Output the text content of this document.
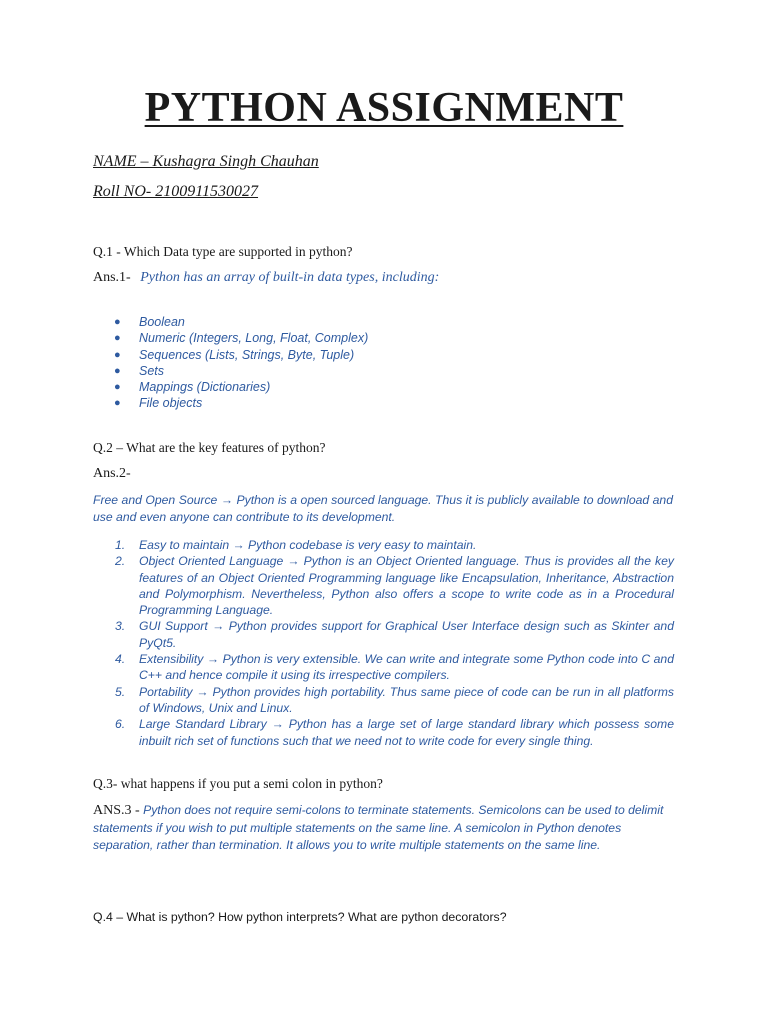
PYTHON ASSIGNMENT
NAME – Kushagra Singh Chauhan
Roll NO- 2100911530027
Q.1 - Which Data type are supported in python?
Ans.1- Python has an array of built-in data types, including:
● Boolean
● Numeric (Integers, Long, Float, Complex)
● Sequences (Lists, Strings, Byte, Tuple)
● Sets
● Mappings (Dictionaries)
● File objects
Q.2 – What are the key features of python?
Ans.2-
Free and Open Source → Python is a open sourced language. Thus it is publicly available to download and use and even anyone can contribute to its development.
1. Easy to maintain → Python codebase is very easy to maintain.
2. Object Oriented Language → Python is an Object Oriented language. Thus is provides all the key features of an Object Oriented Programming language like Encapsulation, Inheritance, Abstraction and Polymorphism. Nevertheless, Python also offers a scope to write code as in a Procedural Programming Language.
3. GUI Support → Python provides support for Graphical User Interface design such as Skinter and PyQt5.
4. Extensibility → Python is very extensible. We can write and integrate some Python code into C and C++ and hence compile it using its irrespective compilers.
5. Portability → Python provides high portability. Thus same piece of code can be run in all platforms of Windows, Unix and Linux.
6. Large Standard Library → Python has a large set of large standard library which possess some inbuilt rich set of functions such that we need not to write code for every single thing.
Q.3- what happens if you put a semi colon in python?
ANS.3 - Python does not require semi-colons to terminate statements. Semicolons can be used to delimit statements if you wish to put multiple statements on the same line. A semicolon in Python denotes separation, rather than termination. It allows you to write multiple statements on the same line.
Q.4 – What is python? How python interprets? What are python decorators?
